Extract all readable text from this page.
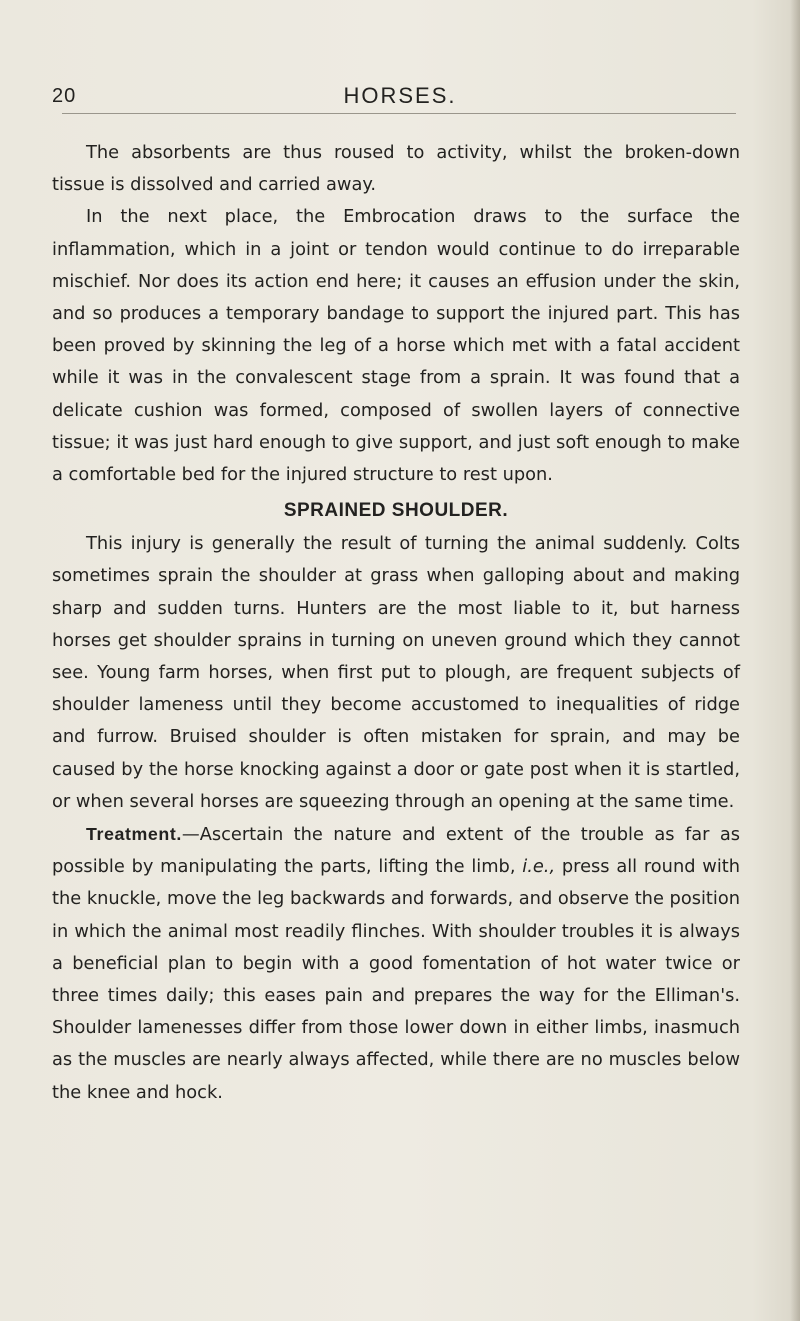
20	HORSES.

The absorbents are thus roused to activity, whilst the broken-down tissue is dissolved and carried away.

In the next place, the Embrocation draws to the surface the inflammation, which in a joint or tendon would continue to do irreparable mischief. Nor does its action end here; it causes an effusion under the skin, and so produces a temporary bandage to support the injured part. This has been proved by skinning the leg of a horse which met with a fatal accident while it was in the convalescent stage from a sprain. It was found that a delicate cushion was formed, composed of swollen layers of connective tissue; it was just hard enough to give support, and just soft enough to make a comfortable bed for the injured structure to rest upon.

SPRAINED SHOULDER.

This injury is generally the result of turning the animal suddenly. Colts sometimes sprain the shoulder at grass when galloping about and making sharp and sudden turns. Hunters are the most liable to it, but harness horses get shoulder sprains in turning on uneven ground which they cannot see. Young farm horses, when first put to plough, are frequent subjects of shoulder lameness until they become accustomed to inequalities of ridge and furrow. Bruised shoulder is often mistaken for sprain, and may be caused by the horse knocking against a door or gate post when it is startled, or when several horses are squeezing through an opening at the same time.

Treatment.—Ascertain the nature and extent of the trouble as far as possible by manipulating the parts, lifting the limb, i.e., press all round with the knuckle, move the leg backwards and forwards, and observe the position in which the animal most readily flinches. With shoulder troubles it is always a beneficial plan to begin with a good fomentation of hot water twice or three times daily; this eases pain and prepares the way for the Elliman's. Shoulder lamenesses differ from those lower down in either limbs, inasmuch as the muscles are nearly always affected, while there are no muscles below the knee and hock.
